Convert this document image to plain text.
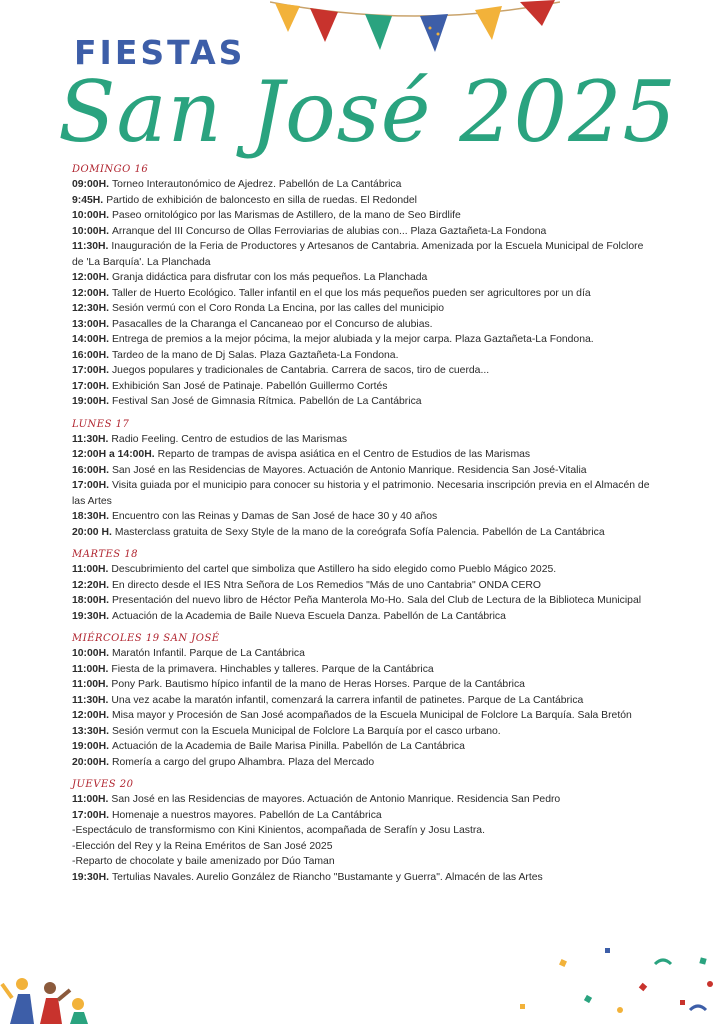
FIESTAS
San José 2025
DOMINGO 16
09:00H. Torneo Interautonómico de Ajedrez. Pabellón de La Cantábrica
9:45H. Partido de exhibición de baloncesto en silla de ruedas. El Redondel
10:00H. Paseo ornitológico por las Marismas de Astillero, de la mano de Seo Birdlife
10:00H. Arranque del III Concurso de Ollas Ferroviarias de alubias con... Plaza Gaztañeta-La Fondona
11:30H. Inauguración de la Feria de Productores y Artesanos de Cantabria. Amenizada por la Escuela Municipal de Folclore de 'La Barquía'. La Planchada
12:00H. Granja didáctica para disfrutar con los más pequeños. La Planchada
12:00H. Taller de Huerto Ecológico. Taller infantil en el que los más pequeños pueden ser agricultores por un día
12:30H. Sesión vermú con el Coro Ronda La Encina, por las calles del municipio
13:00H. Pasacalles de la Charanga el Cancaneao por el Concurso de alubias.
14:00H. Entrega de premios a la mejor pócima, la mejor alubiada y la mejor carpa. Plaza Gaztañeta-La Fondona.
16:00H. Tardeo de la mano de Dj Salas. Plaza Gaztañeta-La Fondona.
17:00H. Juegos populares y tradicionales de Cantabria. Carrera de sacos, tiro de cuerda...
17:00H. Exhibición San José de Patinaje. Pabellón Guillermo Cortés
19:00H. Festival San José de Gimnasia Rítmica. Pabellón de La Cantábrica
LUNES 17
11:30H. Radio Feeling. Centro de estudios de las Marismas
12:00H a 14:00H. Reparto de trampas de avispa asiática en el Centro de Estudios de las Marismas
16:00H. San José en las Residencias de Mayores. Actuación de Antonio Manrique. Residencia San José-Vitalia
17:00H. Visita guiada por el municipio para conocer su historia y el patrimonio. Necesaria inscripción previa en el Almacén de las Artes
18:30H. Encuentro con las Reinas y Damas de San José de hace 30 y 40 años
20:00 H. Masterclass gratuita de Sexy Style de la mano de la coreógrafa Sofía Palencia. Pabellón de La Cantábrica
MARTES 18
11:00H. Descubrimiento del cartel que simboliza que Astillero ha sido elegido como Pueblo Mágico 2025.
12:20H. En directo desde el IES Ntra Señora de Los Remedios "Más de uno Cantabria" ONDA CERO
18:00H. Presentación del nuevo libro de Héctor Peña Manterola Mo-Ho. Sala del Club de Lectura de la Biblioteca Municipal
19:30H. Actuación de la Academia de Baile Nueva Escuela Danza. Pabellón de La Cantábrica
MIÉRCOLES 19 SAN JOSÉ
10:00H. Maratón Infantil. Parque de La Cantábrica
11:00H. Fiesta de la primavera. Hinchables y talleres. Parque de la Cantábrica
11:00H. Pony Park. Bautismo hípico infantil de la mano de Heras Horses. Parque de la Cantábrica
11:30H. Una vez acabe la maratón infantil, comenzará la carrera infantil de patinetes. Parque de La Cantábrica
12:00H. Misa mayor y Procesión de San José acompañados de la Escuela Municipal de Folclore La Barquía. Sala Bretón
13:30H. Sesión vermut con la Escuela Municipal de Folclore La Barquía por el casco urbano.
19:00H. Actuación de la Academia de Baile Marisa Pinilla. Pabellón de La Cantábrica
20:00H. Romería a cargo del grupo Alhambra. Plaza del Mercado
JUEVES 20
11:00H. San José en las Residencias de mayores. Actuación de Antonio Manrique. Residencia San Pedro
17:00H. Homenaje a nuestros mayores. Pabellón de La Cantábrica
-Espectáculo de transformismo con Kini Kinientos, acompañada de Serafín y Josu Lastra.
-Elección del Rey y la Reina Eméritos de San José 2025
-Reparto de chocolate y baile amenizado por Dúo Taman
19:30H. Tertulias Navales. Aurelio González de Riancho "Bustamante y Guerra". Almacén de las Artes
